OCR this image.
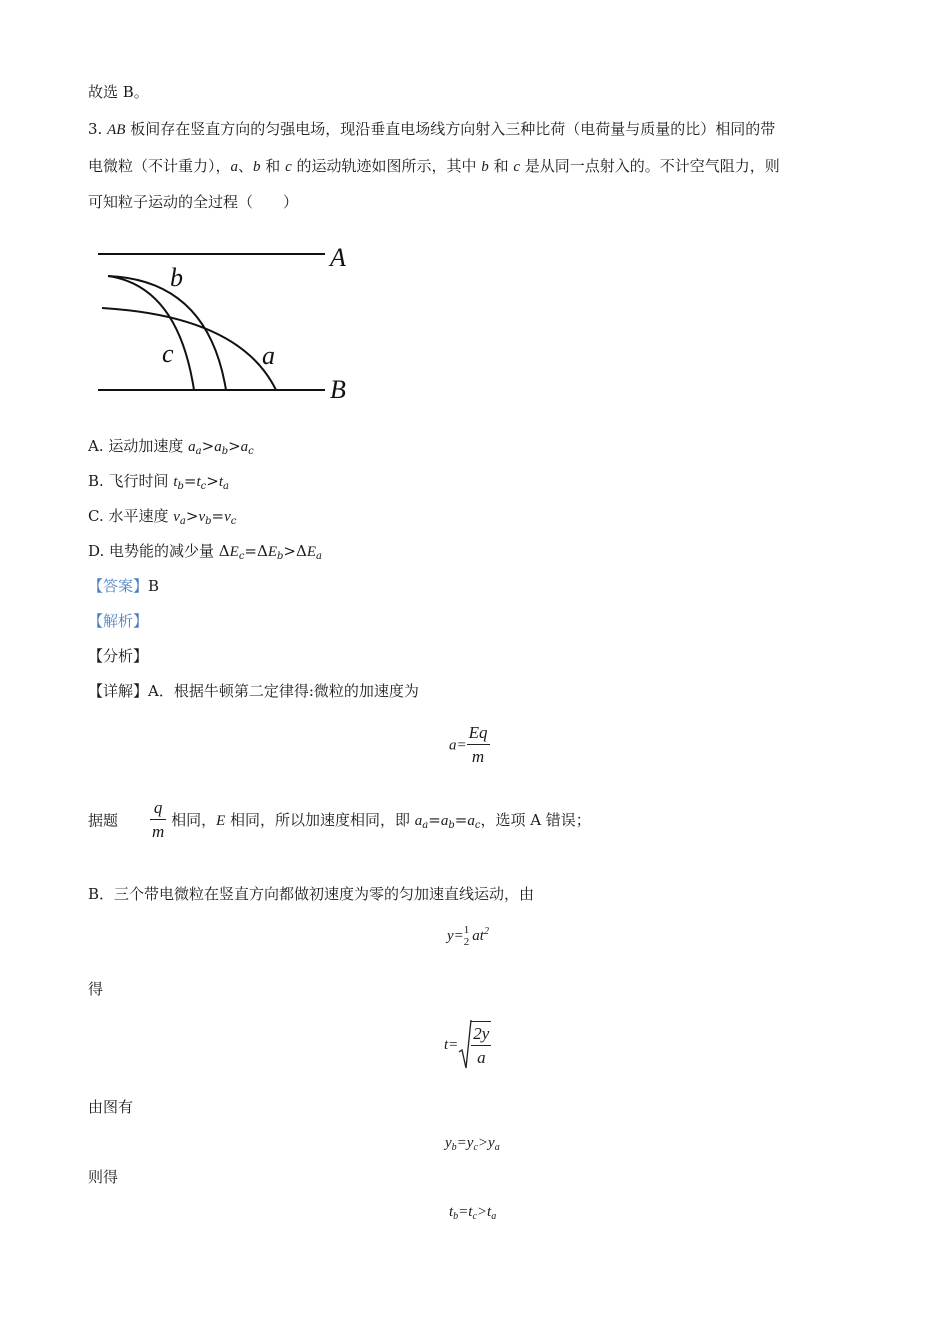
故选 B。
3. AB 板间存在竖直方向的匀强电场，现沿垂直电场线方向射入三种比荷（电荷量与质量的比）相同的带
电微粒（不计重力），a、b 和 c 的运动轨迹如图所示，其中 b 和 c 是从同一点射入的。不计空气阻力，则
可知粒子运动的全过程（　　）
A
B
b
c	a
A. 运动加速度 $a_a>a_b>a_c$
B. 飞行时间 $t_b=t_c>t_a$
C. 水平速度 $v_a>v_b=v_c$
D. 电势能的减少量 $\Delta E_c=\Delta E_b>\Delta E_a$
【答案】B
【解析】
【分析】
【详解】A．根据牛顿第二定律得:微粒的加速度为
$a= \frac{Eq}{m}$
据题 $\frac{q}{m}$ 相同，E 相同，所以加速度相同，即 $a_a=a_b=a_c$，选项 A 错误；
B．三个带电微粒在竖直方向都做初速度为零的匀加速直线运动，由
y= 1
2 $at^2$
得
$t= \frac{2y}{a}$
由图有
$y_b=y_c>y_a$
则得
$t_b=t_c>t_a$
